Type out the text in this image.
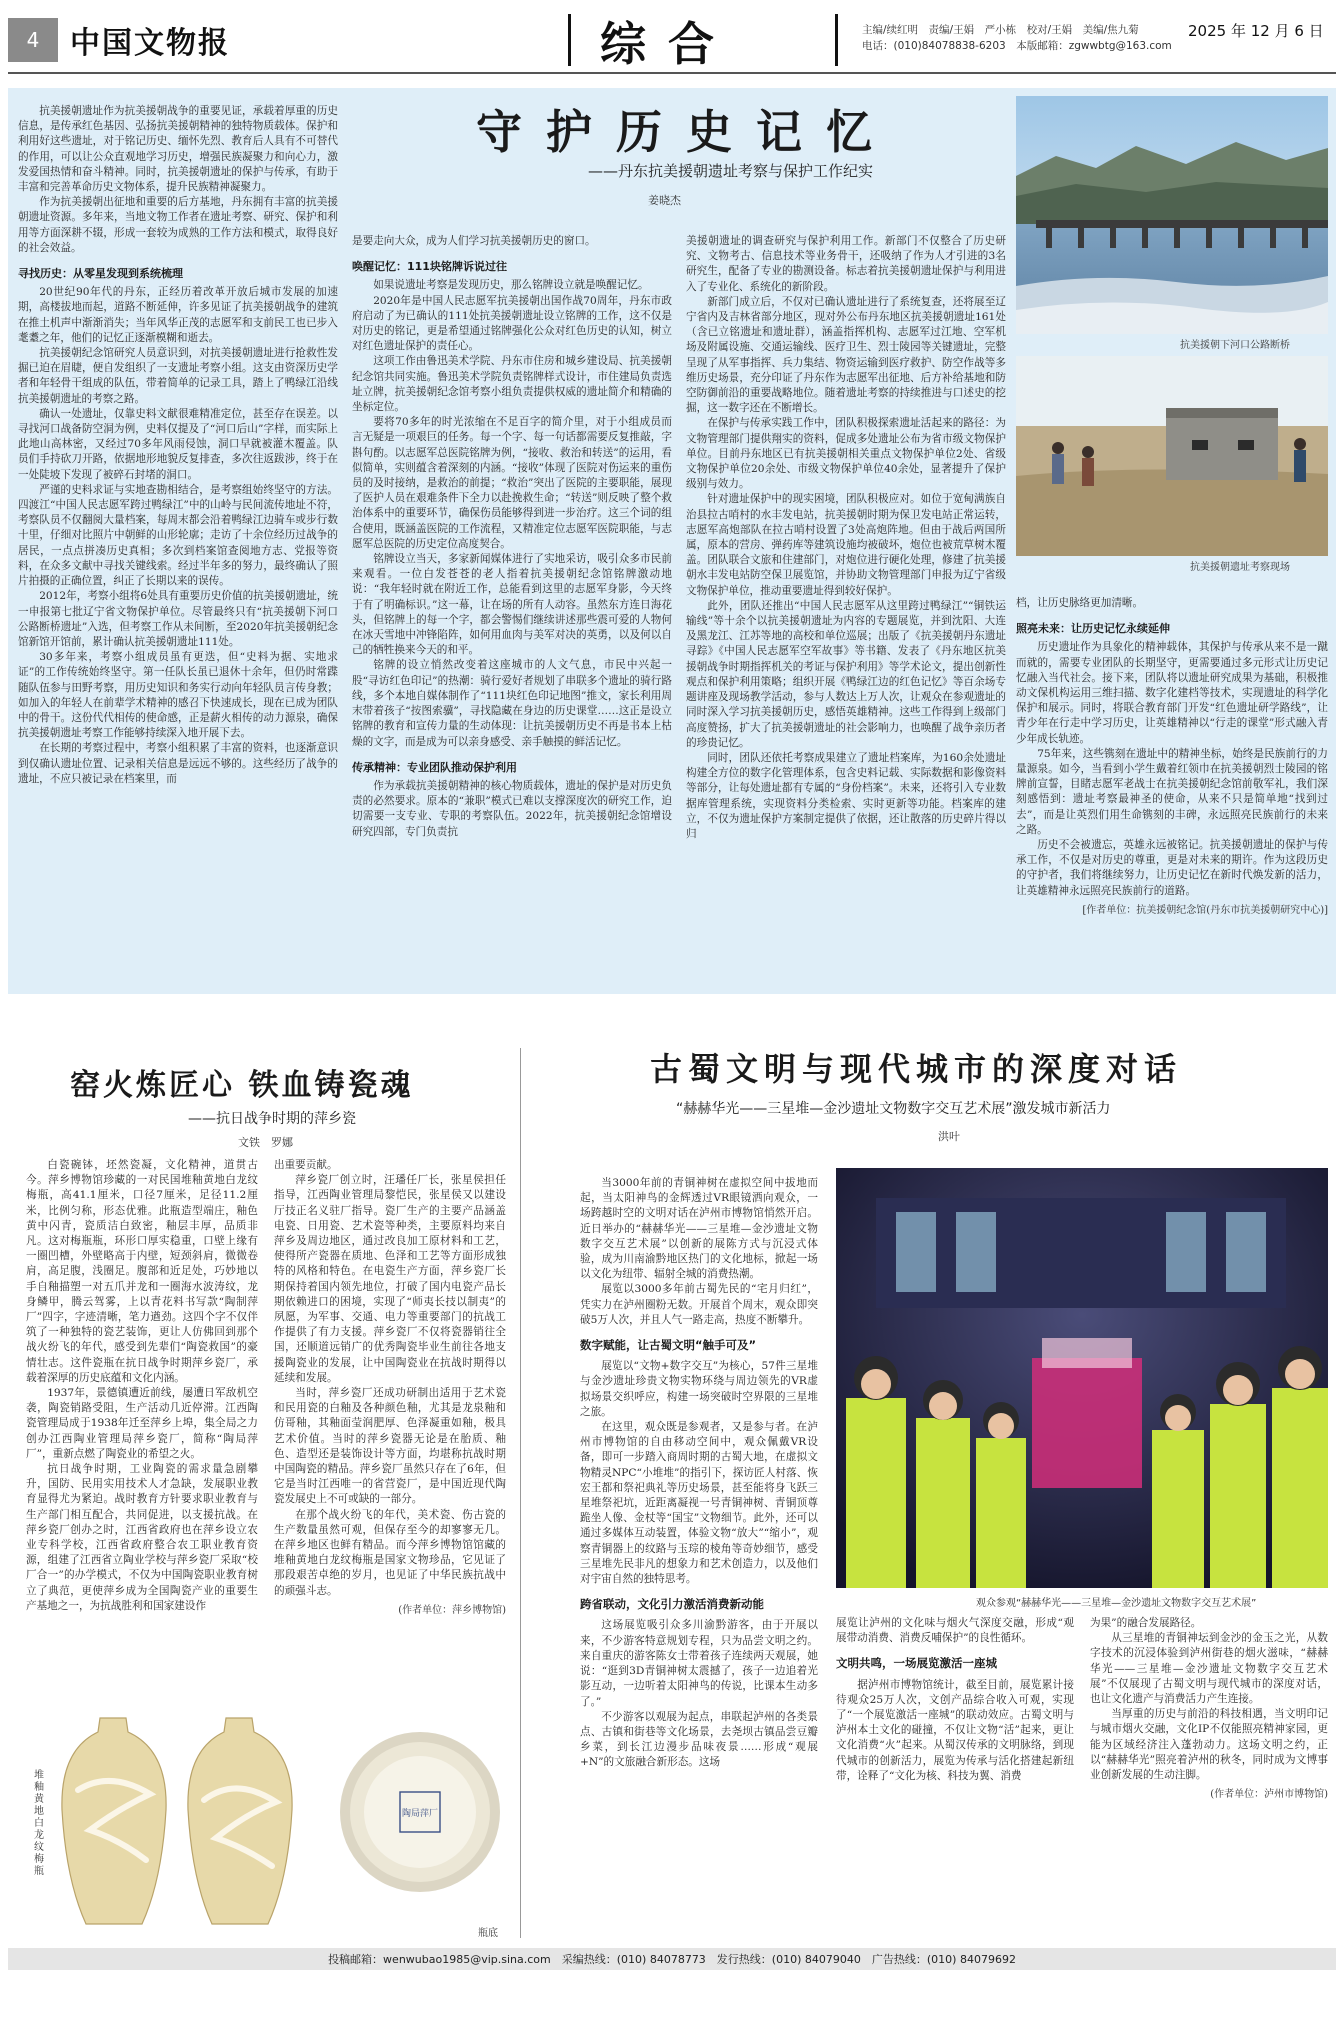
4 中国文物报	综合	主编/续红明　责编/王娟　严小栋　校对/王娟　美编/焦九菊
电话：(010)84078838-6203　本版邮箱：zgwwbtg@163.com
2025 年 12 月 6 日
守护历史记忆
——丹东抗美援朝遗址考察与保护工作纪实
姜晓杰

抗美援朝遗址作为抗美援朝战争的重要见证，承载着厚重的历史信息，是传承红色基因、弘扬抗美援朝精神的独特物质载体。保护和利用好这些遗址，对于铭记历史、缅怀先烈、教育后人具有不可替代的作用，可以让公众直观地学习历史，增强民族凝聚力和向心力，激发爱国热情和奋斗精神。同时，抗美援朝遗址的保护与传承，有助于丰富和完善革命历史文物体系，提升民族精神凝聚力。

作为抗美援朝出征地和重要的后方基地，丹东拥有丰富的抗美援朝遗址资源。多年来，当地文物工作者在遗址考察、研究、保护和利用等方面深耕不辍，形成一套较为成熟的工作方法和模式，取得良好的社会效益。

寻找历史：从零星发现到系统梳理

20世纪90年代的丹东，正经历着改革开放后城市发展的加速期，高楼拔地而起，道路不断延伸，许多见证了抗美援朝战争的建筑在推土机声中渐渐消失；当年风华正茂的志愿军和支前民工也已步入耄耋之年，他们的记忆正逐渐模糊和逝去。

抗美援朝纪念馆研究人员意识到，对抗美援朝遗址进行抢救性发掘已迫在眉睫，便自发组织了一支遗址考察小组。这支由资深历史学者和年轻骨干组成的队伍，带着简单的记录工具，踏上了鸭绿江沿线抗美援朝遗址的考察之路。

确认一处遗址，仅靠史料文献很难精准定位，甚至存在误差。以寻找河口战备防空洞为例，史料仅提及了“河口后山”字样，而实际上此地山高林密，又经过70多年风雨侵蚀，洞口早就被灌木覆盖。队员们手持砍刀开路，依据地形地貌反复排查，多次往返跋涉，终于在一处陡坡下发现了被碎石封堵的洞口。

严谨的史料求证与实地查勘相结合，是考察组始终坚守的方法。四渡江“中国人民志愿军跨过鸭绿江”中的山岭与民间流传地址不符，考察队员不仅翻阅大量档案，每周末都会沿着鸭绿江边骑车或步行数十里，仔细对比照片中朝鲜的山形轮廓；走访了十余位经历过战争的居民，一点点拼凑历史真相；多次到档案馆查阅地方志、党报等资料，在众多文献中寻找关键线索。经过半年多的努力，最终确认了照片拍摄的正确位置，纠正了长期以来的误传。

2012年，考察小组将6处具有重要历史价值的抗美援朝遗址，统一申报第七批辽宁省文物保护单位。尽管最终只有“抗美援朝下河口公路断桥遗址”入选，但考察工作从未间断，至2020年抗美援朝纪念馆新馆开馆前，累计确认抗美援朝遗址111处。

30多年来，考察小组成员虽有更迭，但“史料为据、实地求证”的工作传统始终坚守。第一任队长虽已退休十余年，但仍时常蹀随队伍参与田野考察，用历史知识和务实行动向年轻队员言传身教；如加入的年轻人在前辈学术精神的感召下快速成长，现在已成为团队中的骨干。这份代代相传的使命感，正是薪火相传的动力源泉，确保抗美援朝遗址考察工作能够持续深入地开展下去。

在长期的考察过程中，考察小组积累了丰富的资料，也逐渐意识到仅确认遗址位置、记录相关信息是远远不够的。这些经历了战争的遗址，不应只被记录在档案里，而

是要走向大众，成为人们学习抗美援朝历史的窗口。

唤醒记忆：111块铭牌诉说过往

如果说遗址考察是发现历史，那么铭牌设立就是唤醒记忆。

2020年是中国人民志愿军抗美援朝出国作战70周年，丹东市政府启动了为已确认的111处抗美援朝遗址设立铭牌的工作，这不仅是对历史的铭记，更是希望通过铭牌强化公众对红色历史的认知，树立对红色遗址保护的责任心。

这项工作由鲁迅美术学院、丹东市住房和城乡建设局、抗美援朝纪念馆共同实施。鲁迅美术学院负责铭牌样式设计，市住建局负责选址立牌，抗美援朝纪念馆考察小组负责提供权威的遗址简介和精确的坐标定位。

要将70多年的时光浓缩在不足百字的简介里，对于小组成员而言无疑是一项艰巨的任务。每一个字、每一句话都需要反复推敲，字斟句酌。以志愿军总医院铭牌为例，“接收、救治和转送”的运用，看似简单，实则蕴含着深刻的内涵。“接收”体现了医院对伤运来的重伤员的及时接纳，是救治的前提；“救治”突出了医院的主要职能，展现了医护人员在艰难条件下全力以赴挽救生命；“转送”则反映了整个救治体系中的重要环节，确保伤员能够得到进一步治疗。这三个词的组合使用，既涵盖医院的工作流程，又精准定位志愿军医院职能，与志愿军总医院的历史定位高度契合。

铭牌设立当天，多家新闻媒体进行了实地采访，吸引众多市民前来观看。一位白发苍苍的老人指着抗美援朝纪念馆铭牌激动地说：“我年轻时就在附近工作，总能看到这里的志愿军身影，今天终于有了明确标识。”这一幕，让在场的所有人动容。虽然东方连日海花头，但铭牌上的每一个字，都会警惕们继续讲述那些震可爱的人物何在冰天雪地中冲锋陷阵，如何用血肉与美军对决的英勇，以及何以自己的牺牲换来今天的和平。

铭牌的设立悄然改变着这座城市的人文气息，市民中兴起一股“寻访红色印记”的热潮：骑行爱好者规划了串联多个遗址的骑行路线，多个本地自媒体制作了“111块红色印记地图”推文，家长利用周末带着孩子“按图索骥”，寻找隐藏在身边的历史课堂……这正是设立铭牌的教育和宣传力量的生动体现：让抗美援朝历史不再是书本上枯燥的文字，而是成为可以亲身感受、亲手触摸的鲜活记忆。

传承精神：专业团队推动保护利用

作为承载抗美援朝精神的核心物质载体，遗址的保护是对历史负责的必然要求。原本的“兼职”模式已难以支撑深度次的研究工作，迫切需要一支专业、专职的考察队伍。2022年，抗美援朝纪念馆增设研究四部，专门负责抗

美援朝遗址的调查研究与保护利用工作。新部门不仅整合了历史研究、文物考古、信息技术等业务骨干，还吸纳了作为人才引进的3名研究生，配备了专业的勘测设备。标志着抗美援朝遗址保护与利用进入了专业化、系统化的新阶段。

新部门成立后，不仅对已确认遗址进行了系统复查，还将展至辽宁省内及吉林省部分地区，现对外公布丹东地区抗美援朝遗址161处（含已立铭遗址和遗址群），涵盖指挥机构、志愿军过江地、空军机场及附属设施、交通运输线、医疗卫生、烈士陵园等关键遗址，完整呈现了从军事指挥、兵力集结、物资运输到医疗救护、防空作战等多维历史场景，充分印证了丹东作为志愿军出征地、后方补给基地和防空防御前沿的重要战略地位。随着遗址考察的持续推进与口述史的挖掘，这一数字还在不断增长。

在保护与传承实践工作中，团队积极探索遗址活起来的路径：为文物管理部门提供翔实的资料，促成多处遗址公布为省市级文物保护单位。目前丹东地区已有抗美援朝相关重点文物保护单位2处、省级文物保护单位20余处、市级文物保护单位40余处，显著提升了保护级别与效力。

针对遗址保护中的现实困境，团队积极应对。如位于宽甸满族自治县拉古哨村的水丰发电站，抗美援朝时期为保卫发电站正常运转，志愿军高炮部队在拉古哨村设置了3处高炮阵地。但由于战后两国所属，原本的营房、弹药库等建筑设施均被破坏，炮位也被荒草树木覆盖。团队联合文旅和住建部门，对炮位进行硬化处理，修建了抗美援朝水丰发电站防空保卫展览馆，并协助文物管理部门申报为辽宁省级文物保护单位，推动重要遗址得到较好保护。

此外，团队还推出“中国人民志愿军从这里跨过鸭绿江”“铜铁运输线”等十余个以抗美援朝遗址为内容的专题展览，并到沈阳、大连及黑龙江、江苏等地的高校和单位巡展；出版了《抗美援朝丹东遗址寻踪》《中国人民志愿军空军故事》等书籍、发表了《丹东地区抗美援朝战争时期指挥机关的考证与保护利用》等学术论文，提出创新性观点和保护利用策略；组织开展《鸭绿江边的红色记忆》等百余场专题讲座及现场教学活动，参与人数达上万人次，让观众在参观遗址的同时深入学习抗美援朝历史，感悟英雄精神。这些工作得到上级部门高度赞扬，扩大了抗美援朝遗址的社会影响力，也唤醒了战争亲历者的珍贵记忆。

同时，团队还依托考察成果建立了遗址档案库，为160余处遗址构建全方位的数字化管理体系，包含史料记载、实际数据和影像资料等部分，让每处遗址都有专属的“身份档案”。未来，还将引入专业数据库管理系统，实现资料分类检索、实时更新等功能。档案库的建立，不仅为遗址保护方案制定提供了依据，还让散落的历史碎片得以归

抗美援朝下河口公路断桥
抗美援朝遗址考察现场

档，让历史脉络更加清晰。

照亮未来：让历史记忆永续延伸

历史遗址作为具象化的精神载体，其保护与传承从来不是一蹴而就的，需要专业团队的长期坚守，更需要通过多元形式让历史记忆融入当代社会。接下来，团队将以遗址研究成果为基础，积极推动文保机构运用三维扫描、数字化建档等技术，实现遗址的科学化保护和展示。同时，将联合教育部门开发“红色遗址研学路线”，让青少年在行走中学习历史，让英雄精神以“行走的课堂”形式融入青少年成长轨迹。

75年来，这些镌刻在遗址中的精神坐标，始终是民族前行的力量源泉。如今，当看到小学生戴着红领巾在抗美援朝烈士陵园的铭牌前宣誓，目睹志愿军老战士在抗美援朝纪念馆前敬军礼，我们深刻感悟到：遗址考察最神圣的使命，从来不只是简单地“找到过去”，而是让英烈们用生命镌刻的丰碑，永远照亮民族前行的未来之路。

历史不会被遗忘，英雄永远被铭记。抗美援朝遗址的保护与传承工作，不仅是对历史的尊重，更是对未来的期许。作为这段历史的守护者，我们将继续努力，让历史记忆在新时代焕发新的活力，让英雄精神永远照亮民族前行的道路。

[作者单位：抗美援朝纪念馆(丹东市抗美援朝研究中心)]
窑火炼匠心 铁血铸瓷魂
——抗日战争时期的萍乡瓷
文铁　罗娜

白瓷碗钵，坯然瓷凝，文化精神，道贯古今。萍乡博物馆珍藏的一对民国堆釉黄地白龙纹梅瓶，高41.1厘米，口径7厘米，足径11.2厘米，比例匀称，形态优雅。此瓶造型端庄，釉色黄中闪青，瓷质洁白致密，釉层丰厚，品质非凡。这对梅瓶瓶，环形口厚实稳重，口壁上缘有一圈凹槽，外壁略高于内壁，短颈斜肩，微微卷肩，高足腹，浅圈足。腹部和近足处，巧妙地以手自釉描塑一对五爪并龙和一圈海水波涛纹，龙身鳞甲，腾云驾雾，上以青花料书写款“陶制萍厂”四字，字迹清晰，笔力遒劲。这四个字不仅伴筑了一种独特的瓷艺装饰，更让人仿佛回到那个战火纷飞的年代，感受到先辈们“陶瓷救国”的豪情壮志。这件瓷瓶在抗日战争时期萍乡瓷厂，承载着深厚的历史底蕴和文化内涵。

1937年，景德镇遭近前线，屡遭日军敌机空袭，陶瓷销路受阻，生产活动几近停滞。江西陶瓷管理局成于1938年迁至萍乡上埠，集全局之力创办江西陶业管理局萍乡瓷厂，简称“陶局萍厂”，重新点燃了陶瓷业的希望之火。

抗日战争时期，工业陶瓷的需求量急剧攀升，国防、民用实用技术人才急缺，发展职业教育显得尤为紧迫。战时教育方针要求职业教育与生产部门相互配合，共同促进，以支援抗战。在萍乡瓷厂创办之时，江西省政府也在萍乡设立农业专科学校，江西省政府整合农工职业教育资源，组建了江西省立陶业学校与萍乡瓷厂采取“校厂合一”的办学模式，不仅为中国陶瓷职业教育树立了典范，更使萍乡成为全国陶瓷产业的重要生产基地之一，为抗战胜利和国家建设作

出重要贡献。

萍乡瓷厂创立时，汪璠任厂长，张星侯担任指导，江西陶业管理局黎恺民，张星侯又以建设厅技正名义驻厂指导。瓷厂生产的主要产品涵盖电瓷、日用瓷、艺术瓷等种类，主要原料均来自萍乡及周边地区，通过改良加工原材料和工艺，使得所产瓷器在质地、色泽和工艺等方面形成独特的风格和特色。在电瓷生产方面，萍乡瓷厂长期保持着国内领先地位，打破了国内电瓷产品长期依赖进口的困境，实现了“师夷长技以制夷”的夙愿，为军事、交通、电力等重要部门的抗战工作提供了有力支援。萍乡瓷厂不仅将瓷器销往全国，还顺道远销广的优秀陶瓷毕业生前往各地支援陶瓷业的发展，让中国陶瓷业在抗战时期得以延续和发展。

当时，萍乡瓷厂还成功研制出适用于艺术瓷和民用瓷的白釉及各种颜色釉，尤其是龙泉釉和仿哥釉，其釉面莹润肥厚、色泽凝重如釉，极具艺术价值。当时的萍乡瓷器无论是在胎质、釉色、造型还是装饰设计等方面，均堪称抗战时期中国陶瓷的精品。萍乡瓷厂虽然只存在了6年，但它是当时江西唯一的省营瓷厂，是中国近现代陶瓷发展史上不可或缺的一部分。

在那个战火纷飞的年代，美术瓷、伤古瓷的生产数量虽然可观，但保存至今的却寥寥无几。在萍乡地区也鲜有精品。而今萍乡博物馆馆藏的堆釉黄地白龙纹梅瓶是国家文物珍品，它见证了那段艰苦卓绝的岁月，也见证了中华民族抗战中的顽强斗志。

(作者单位：萍乡博物馆)
堆釉黄地白龙纹梅瓶
陶局萍厂
瓶底
古蜀文明与现代城市的深度对话
“赫赫华光——三星堆—金沙遗址文物数字交互艺术展”激发城市新活力
洪叶

当3000年前的青铜神树在虚拟空间中拔地而起，当太阳神鸟的金辉透过VR眼镜洒向观众，一场跨越时空的文明对话在泸州市博物馆悄然开启。近日举办的“赫赫华光——三星堆—金沙遗址文物数字交互艺术展”以创新的展陈方式与沉浸式体验，成为川南渝黔地区热门的文化地标，掀起一场以文化为纽带、辐射全城的消费热潮。

展览以3000多年前古蜀先民的“宅月归红”，凭实力在泸州圈粉无数。开展首个周末，观众即突破5万人次，并且人气一路走高，热度不断攀升。

数字赋能，让古蜀文明“触手可及”

展览以“文物+数字交互”为核心，57件三星堆与金沙遗址珍贵文物实物环绕与周边领先的VR虚拟场景交织呼应，构建一场突破时空界限的三星堆之旅。

在这里，观众既是参观者，又是参与者。在泸州市博物馆的自由移动空间中，观众佩戴VR设备，即可一步踏入商周时期的古蜀大地，在虚拟文物精灵NPC“小堆堆”的指引下，探访匠人村落、恢宏王都和祭祀典礼等历史场景，甚至能将身飞跃三星堆祭祀坑，近距离凝视一号青铜神树、青铜顶尊跪坐人像、金杖等“国宝”文物细节。此外，还可以通过多媒体互动装置，体验文物“放大”“缩小”，观察青铜器上的纹路与玉琮的棱角等奇妙细节，感受三星堆先民非凡的想象力和艺术创造力，以及他们对宇宙自然的独特思考。

跨省联动，文化引力激活消费新动能

这场展览吸引众多川渝黔游客，由于开展以来，不少游客特意规划专程，只为品尝文明之约。来自重庆的游客陈女士带着孩子连续两天观展，她说：“逛到3D青铜神树太震撼了，孩子一边追着光影互动，一边听着太阳神鸟的传说，比课本生动多了。”

不少游客以观展为起点，串联起泸州的各类景点、古镇和街巷等文化场景，去尧坝古镇品尝豆瓣乡菜，到长江边漫步品味夜景……形成“观展+N”的文旅融合新形态。这场

观众参观“赫赫华光——三星堆—金沙遗址文物数字交互艺术展”

展览让泸州的文化味与烟火气深度交融，形成“观展带动消费、消费反哺保护”的良性循环。

文明共鸣，一场展览激活一座城

据泸州市博物馆统计，截至目前，展览累计接待观众25万人次，文创产品综合收入可观，实现了“一个展览激活一座城”的联动效应。古蜀文明与泸州本土文化的碰撞，不仅让文物“活”起来，更让文化消费“火”起来。从蜀汉传承的文明脉络，到现代城市的创新活力，展览为传承与活化搭建起新纽带，诠释了“文化为核、科技为翼、消费

为果”的融合发展路径。

从三星堆的青铜神坛到金沙的金玉之光，从数字技术的沉浸体验到泸州街巷的烟火滋味，“赫赫华光——三星堆—金沙遗址文物数字交互艺术展”不仅展现了古蜀文明与现代城市的深度对话，也让文化遗产与消费活力产生连接。

当厚重的历史与前沿的科技相遇，当文明印记与城市烟火交融，文化IP不仅能照亮精神家园，更能为区域经济注入蓬勃动力。这场文明之约，正以“赫赫华光”照亮着泸州的秋冬，同时成为文博事业创新发展的生动注脚。

(作者单位：泸州市博物馆)
投稿邮箱：wenwubao1985@vip.sina.com　采编热线：(010) 84078773　发行热线：(010) 84079040　广告热线：(010) 84079692
